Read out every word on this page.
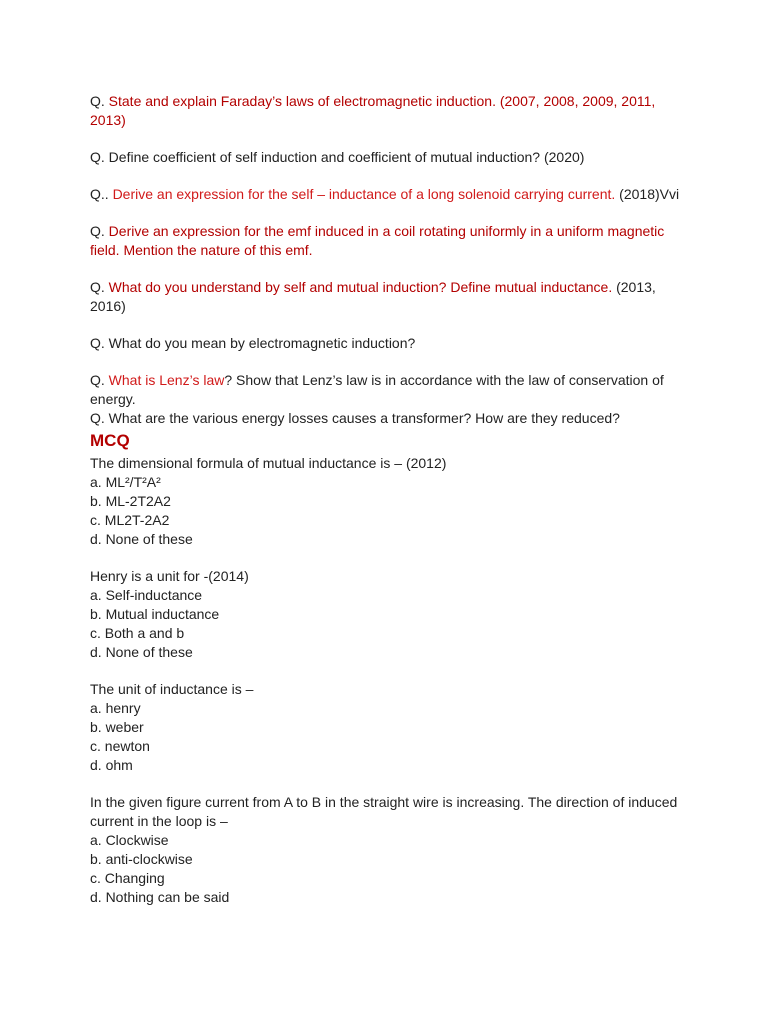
Q. State and explain Faraday’s laws of electromagnetic induction. (2007, 2008, 2009, 2011, 2013)

Q. Define coefficient of self induction and coefficient of mutual induction? (2020)

Q.. Derive an expression for the self – inductance of a long solenoid carrying current. (2018)Vvi

Q. Derive an expression for the emf induced in a coil rotating uniformly in a uniform magnetic field. Mention the nature of this emf.

Q. What do you understand by self and mutual induction? Define mutual inductance. (2013, 2016)

Q. What do you mean by electromagnetic induction?

Q. What is Lenz’s law? Show that Lenz’s law is in accordance with the law of conservation of energy.

Q. What are the various energy losses causes a transformer? How are they reduced?

MCQ
The dimensional formula of mutual inductance is – (2012)
a. ML²/T²A²
b. ML-2T2A2
c. ML2T-2A2
d. None of these
Henry is a unit for -(2014)
a. Self-inductance
b. Mutual inductance
c. Both a and b
d. None of these
The unit of inductance is –
a. henry
b. weber
c. newton
d. ohm
In the given figure current from A to B in the straight wire is increasing. The direction of induced current in the loop is –
a. Clockwise
b. anti-clockwise
c. Changing
d. Nothing can be said
